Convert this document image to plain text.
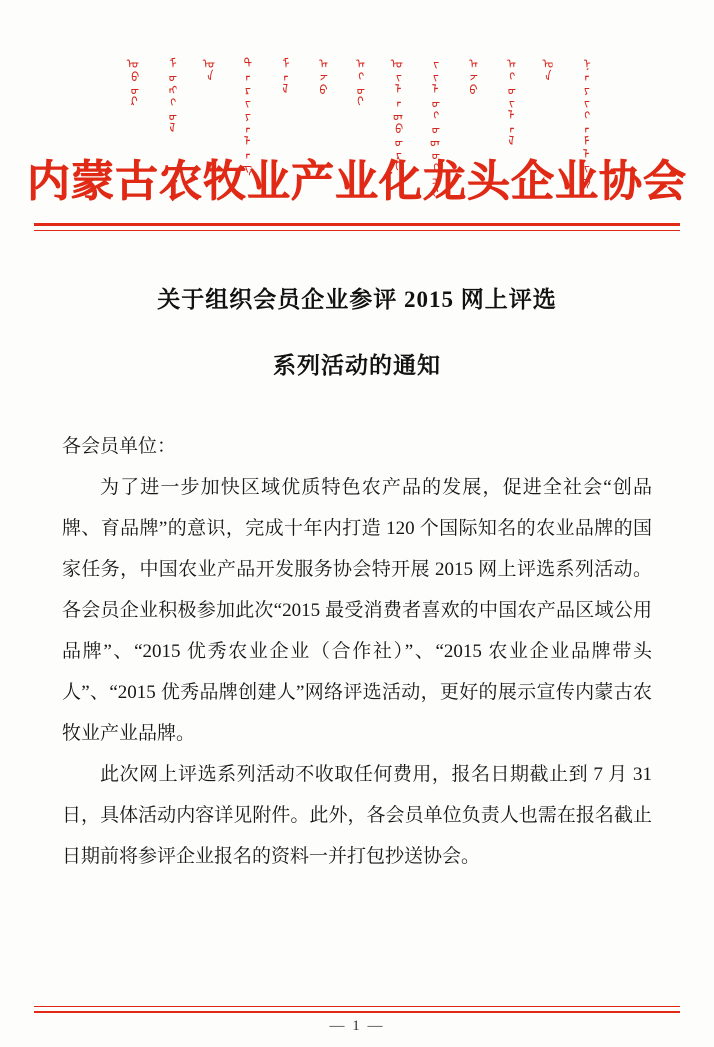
ᠦᠪᠦᠷ ᠮᠣᠩᠭᠣᠯ ᠦᠨ ᠲᠠᠷᠢᠶᠠᠯᠠᠩ ᠮᠠᠯ ᠠᠵᠤ ᠠᠬᠤᠢ ᠦᠢᠯᠡᠳᠪᠦᠷᠢ ᠵᠢᠯᠣᠭᠤᠳᠤᠭᠴᠢ ᠠᠵᠤ ᠠᠬᠤᠢᠯᠠᠯ ᠤᠨ ᠨᠡᠶᠢᠭᠡᠮᠯᠢᠭ
内蒙古农牧业产业化龙头企业协会
关于组织会员企业参评 2015 网上评选
系列活动的通知

各会员单位：

为了进一步加快区域优质特色农产品的发展，促进全社会“创品牌、育品牌”的意识，完成十年内打造 120 个国际知名的农业品牌的国家任务，中国农业产品开发服务协会特开展 2015 网上评选系列活动。各会员企业积极参加此次“2015 最受消费者喜欢的中国农产品区域公用品牌”、“2015 优秀农业企业（合作社）”、“2015 农业企业品牌带头人”、“2015 优秀品牌创建人”网络评选活动，更好的展示宣传内蒙古农牧业产业品牌。

此次网上评选系列活动不收取任何费用，报名日期截止到 7 月 31 日，具体活动内容详见附件。此外，各会员单位负责人也需在报名截止日期前将参评企业报名的资料一并打包抄送协会。

— 1 —
